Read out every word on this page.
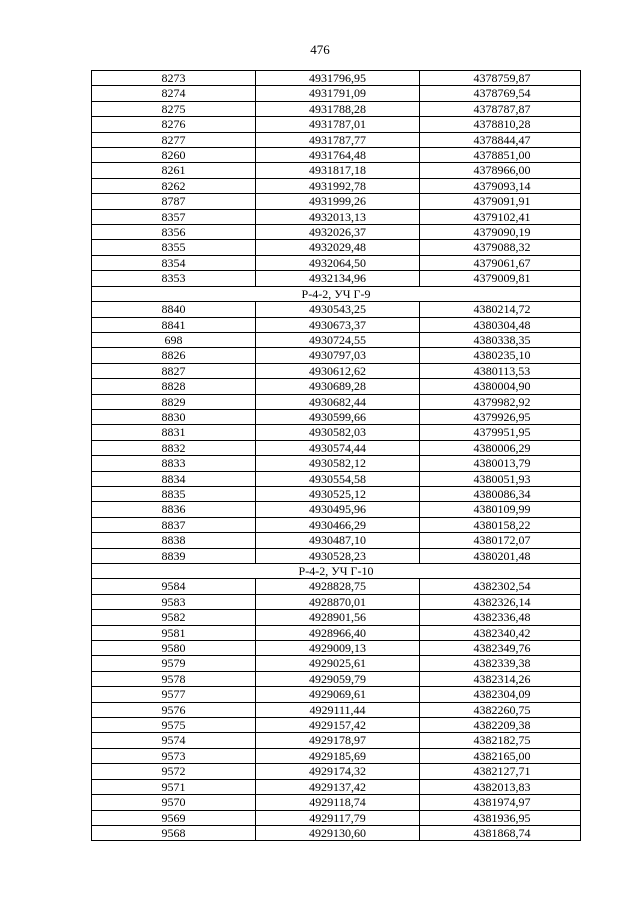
476
8273	4931796,95	4378759,87
8274	4931791,09	4378769,54
8275	4931788,28	4378787,87
8276	4931787,01	4378810,28
8277	4931787,77	4378844,47
8260	4931764,48	4378851,00
8261	4931817,18	4378966,00
8262	4931992,78	4379093,14
8787	4931999,26	4379091,91
8357	4932013,13	4379102,41
8356	4932026,37	4379090,19
8355	4932029,48	4379088,32
8354	4932064,50	4379061,67
8353	4932134,96	4379009,81
Р-4-2, УЧ Г-9		
8840	4930543,25	4380214,72
8841	4930673,37	4380304,48
698	4930724,55	4380338,35
8826	4930797,03	4380235,10
8827	4930612,62	4380113,53
8828	4930689,28	4380004,90
8829	4930682,44	4379982,92
8830	4930599,66	4379926,95
8831	4930582,03	4379951,95
8832	4930574,44	4380006,29
8833	4930582,12	4380013,79
8834	4930554,58	4380051,93
8835	4930525,12	4380086,34
8836	4930495,96	4380109,99
8837	4930466,29	4380158,22
8838	4930487,10	4380172,07
8839	4930528,23	4380201,48
Р-4-2, УЧ Г-10		
9584	4928828,75	4382302,54
9583	4928870,01	4382326,14
9582	4928901,56	4382336,48
9581	4928966,40	4382340,42
9580	4929009,13	4382349,76
9579	4929025,61	4382339,38
9578	4929059,79	4382314,26
9577	4929069,61	4382304,09
9576	4929111,44	4382260,75
9575	4929157,42	4382209,38
9574	4929178,97	4382182,75
9573	4929185,69	4382165,00
9572	4929174,32	4382127,71
9571	4929137,42	4382013,83
9570	4929118,74	4381974,97
9569	4929117,79	4381936,95
9568	4929130,60	4381868,74
